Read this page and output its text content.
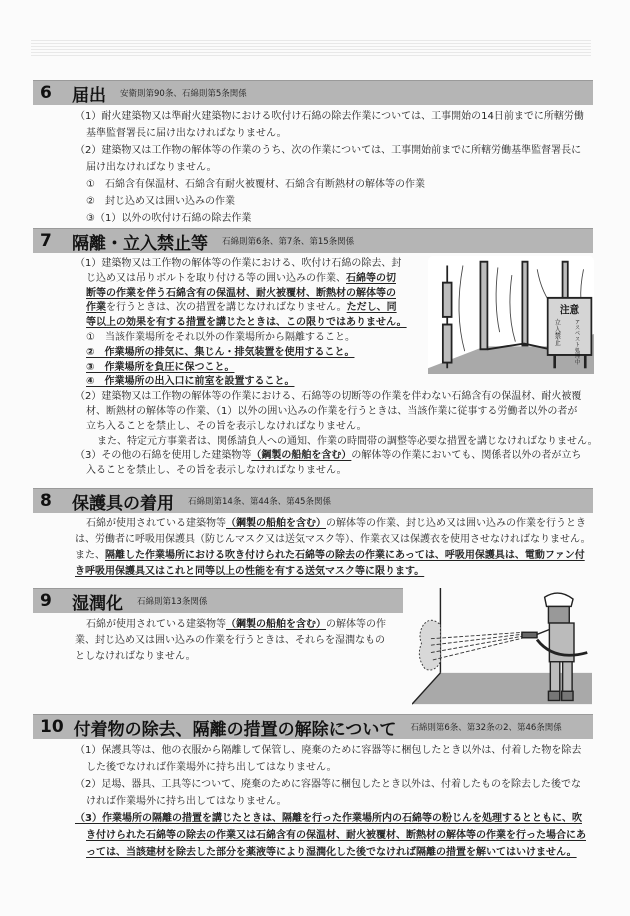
6	届出 安衛則第90条、石綿則第5条関係
（1）耐火建築物又は準耐火建築物における吹付け石綿の除去作業については、工事開始の14日前までに所轄労働
基準監督署長に届け出なければなりません。
（2）建築物又は工作物の解体等の作業のうち、次の作業については、工事開始前までに所轄労働基準監督署長に
届け出なければなりません。
①　石綿含有保温材、石綿含有耐火被覆材、石綿含有断熱材の解体等の作業
②　封じ込め又は囲い込みの作業
③（1）以外の吹付け石綿の除去作業
7	隔離・立入禁止等 石綿則第6条、第7条、第15条関係
（1）建築物又は工作物の解体等の作業における、吹付け石綿の除去、封
じ込め又は吊りボルトを取り付ける等の囲い込みの作業、石綿等の切
断等の作業を伴う石綿含有の保温材、耐火被覆材、断熱材の解体等の
作業を行うときは、次の措置を講じなければなりません。ただし、同
等以上の効果を有する措置を講じたときは、この限りではありません。
①　当該作業場所をそれ以外の作業場所から隔離すること。
②　作業場所の排気に、集じん・排気装置を使用すること。
③　作業場所を負圧に保つこと。
④　作業場所の出入口に前室を設置すること。
（2）建築物又は工作物の解体等の作業における、石綿等の切断等の作業を伴わない石綿含有の保温材、耐火被覆
材、断熱材の解体等の作業、（1）以外の囲い込みの作業を行うときは、当該作業に従事する労働者以外の者が
立ち入ることを禁止し、その旨を表示しなければなりません。
また、特定元方事業者は、関係請負人への通知、作業の時間帯の調整等必要な措置を講じなければなりません。
（3）その他の石綿を使用した建築物等（鋼製の船舶を含む）の解体等の作業においても、関係者以外の者が立ち
入ることを禁止し、その旨を表示しなければなりません。
注意
アスベスト処理中
立入禁止
8	保護具の着用 石綿則第14条、第44条、第45条関係
石綿が使用されている建築物等（鋼製の船舶を含む）の解体等の作業、封じ込め又は囲い込みの作業を行うとき
は、労働者に呼吸用保護具（防じんマスク又は送気マスク等）、作業衣又は保護衣を使用させなければなりません。
また、隔離した作業場所における吹き付けられた石綿等の除去の作業にあっては、呼吸用保護具は、電動ファン付
き呼吸用保護具又はこれと同等以上の性能を有する送気マスク等に限ります。
9	湿潤化 石綿則第13条関係
石綿が使用されている建築物等（鋼製の船舶を含む）の解体等の作
業、封じ込め又は囲い込みの作業を行うときは、それらを湿潤なもの
としなければなりません。
10 付着物の除去、隔離の措置の解除について 石綿則第6条、第32条の2、第46条関係
（1）保護具等は、他の衣服から隔離して保管し、廃棄のために容器等に梱包したとき以外は、付着した物を除去
した後でなければ作業場外に持ち出してはなりません。
（2）足場、器具、工具等について、廃棄のために容器等に梱包したとき以外は、付着したものを除去した後でな
ければ作業場外に持ち出してはなりません。
（3）作業場所の隔離の措置を講じたときは、隔離を行った作業場所内の石綿等の粉じんを処理するとともに、吹
き付けられた石綿等の除去の作業又は石綿含有の保温材、耐火被覆材、断熱材の解体等の作業を行った場合にあ
っては、当該建材を除去した部分を薬液等により湿潤化した後でなければ隔離の措置を解いてはいけません。
